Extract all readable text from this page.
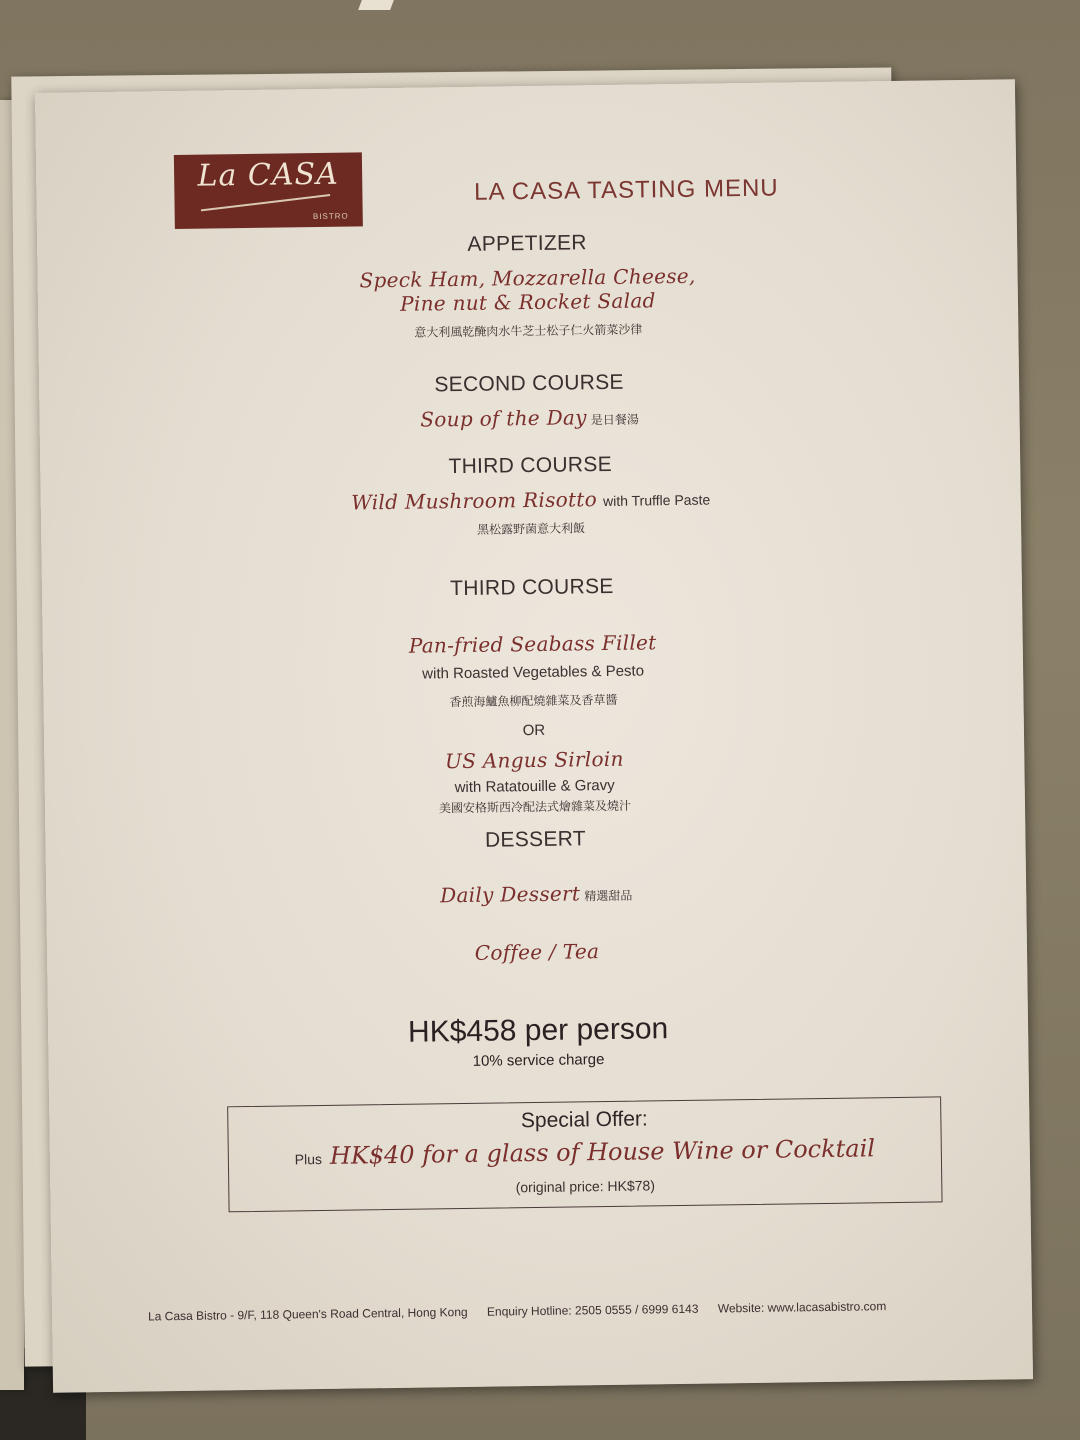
La CASA
BISTRO
LA CASA TASTING MENU
APPETIZER
Speck Ham, Mozzarella Cheese,
Pine nut & Rocket Salad
意大利風乾醃肉水牛芝士松子仁火箭菜沙律
SECOND COURSE
Soup of the Day 是日餐湯
THIRD COURSE
Wild Mushroom Risotto with Truffle Paste
黑松露野菌意大利飯
THIRD COURSE
Pan-fried Seabass Fillet
with Roasted Vegetables & Pesto
香煎海鱸魚柳配燒雜菜及香草醬
OR
US Angus Sirloin
with Ratatouille & Gravy
美國安格斯西冷配法式燴雜菜及燒汁
DESSERT
Daily Dessert 精選甜品
Coffee / Tea
HK$458 per person
10% service charge
Special Offer:
Plus HK$40 for a glass of House Wine or Cocktail
(original price: HK$78)
La Casa Bistro - 9/F, 118 Queen's Road Central, Hong Kong Enquiry Hotline: 2505 0555 / 6999 6143 Website: www.lacasabistro.com
